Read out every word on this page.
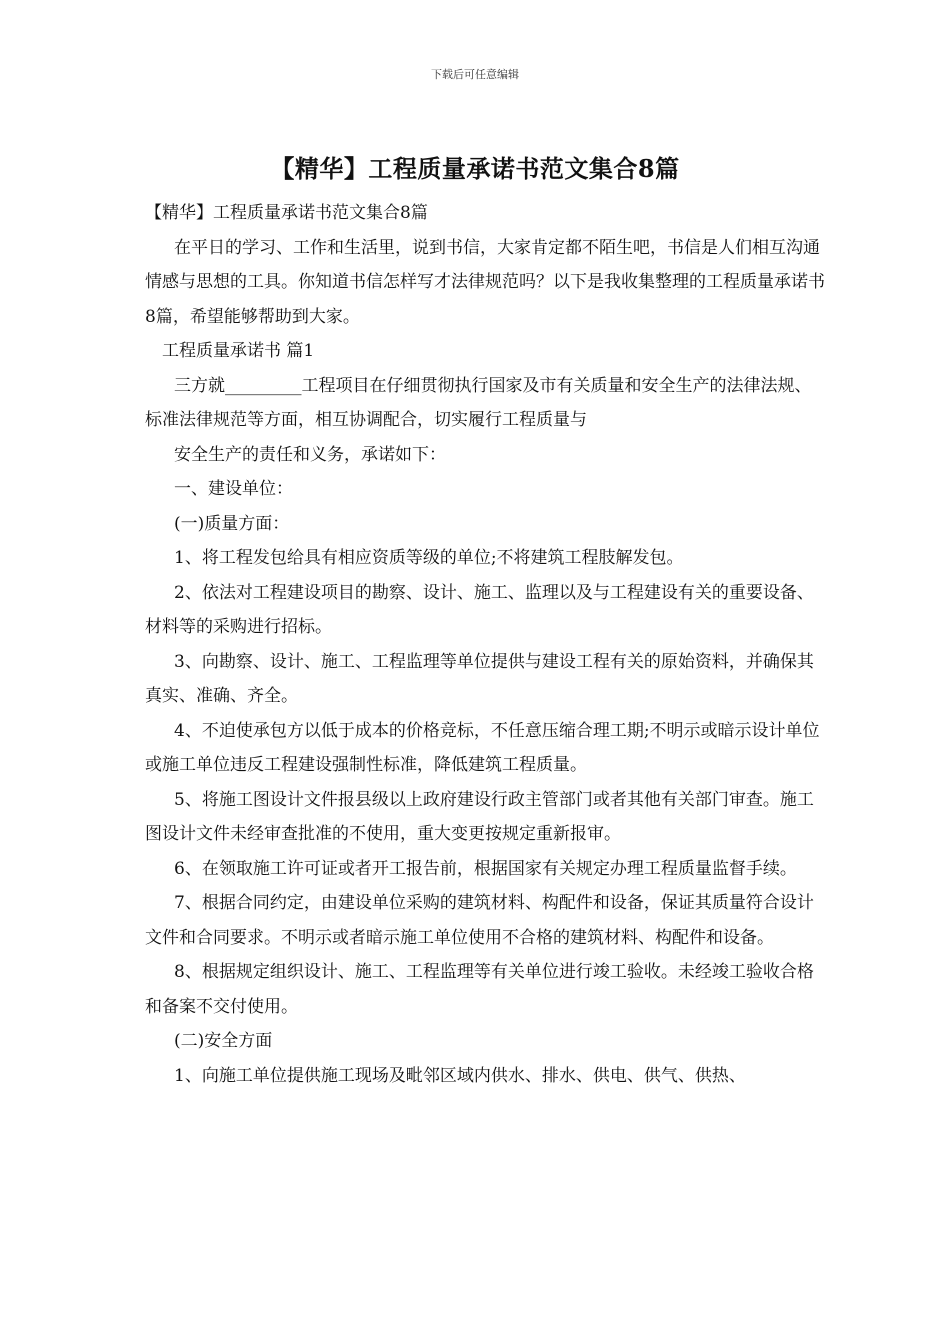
下载后可任意编辑
【精华】工程质量承诺书范文集合8篇

【精华】工程质量承诺书范文集合8篇

在平日的学习、工作和生活里，说到书信，大家肯定都不陌生吧，书信是人们相互沟通情感与思想的工具。你知道书信怎样写才法律规范吗？以下是我收集整理的工程质量承诺书8篇，希望能够帮助到大家。

工程质量承诺书 篇1

三方就_________工程项目在仔细贯彻执行国家及市有关质量和安全生产的法律法规、标准法律规范等方面，相互协调配合，切实履行工程质量与

安全生产的责任和义务，承诺如下：

一、建设单位：

(一)质量方面：

1、将工程发包给具有相应资质等级的单位;不将建筑工程肢解发包。

2、依法对工程建设项目的勘察、设计、施工、监理以及与工程建设有关的重要设备、材料等的采购进行招标。

3、向勘察、设计、施工、工程监理等单位提供与建设工程有关的原始资料，并确保其真实、准确、齐全。

4、不迫使承包方以低于成本的价格竞标，不任意压缩合理工期;不明示或暗示设计单位或施工单位违反工程建设强制性标准，降低建筑工程质量。

5、将施工图设计文件报县级以上政府建设行政主管部门或者其他有关部门审查。施工图设计文件未经审查批准的不使用，重大变更按规定重新报审。

6、在领取施工许可证或者开工报告前，根据国家有关规定办理工程质量监督手续。

7、根据合同约定，由建设单位采购的建筑材料、构配件和设备，保证其质量符合设计文件和合同要求。不明示或者暗示施工单位使用不合格的建筑材料、构配件和设备。

8、根据规定组织设计、施工、工程监理等有关单位进行竣工验收。未经竣工验收合格和备案不交付使用。

(二)安全方面

1、向施工单位提供施工现场及毗邻区域内供水、排水、供电、供气、供热、
